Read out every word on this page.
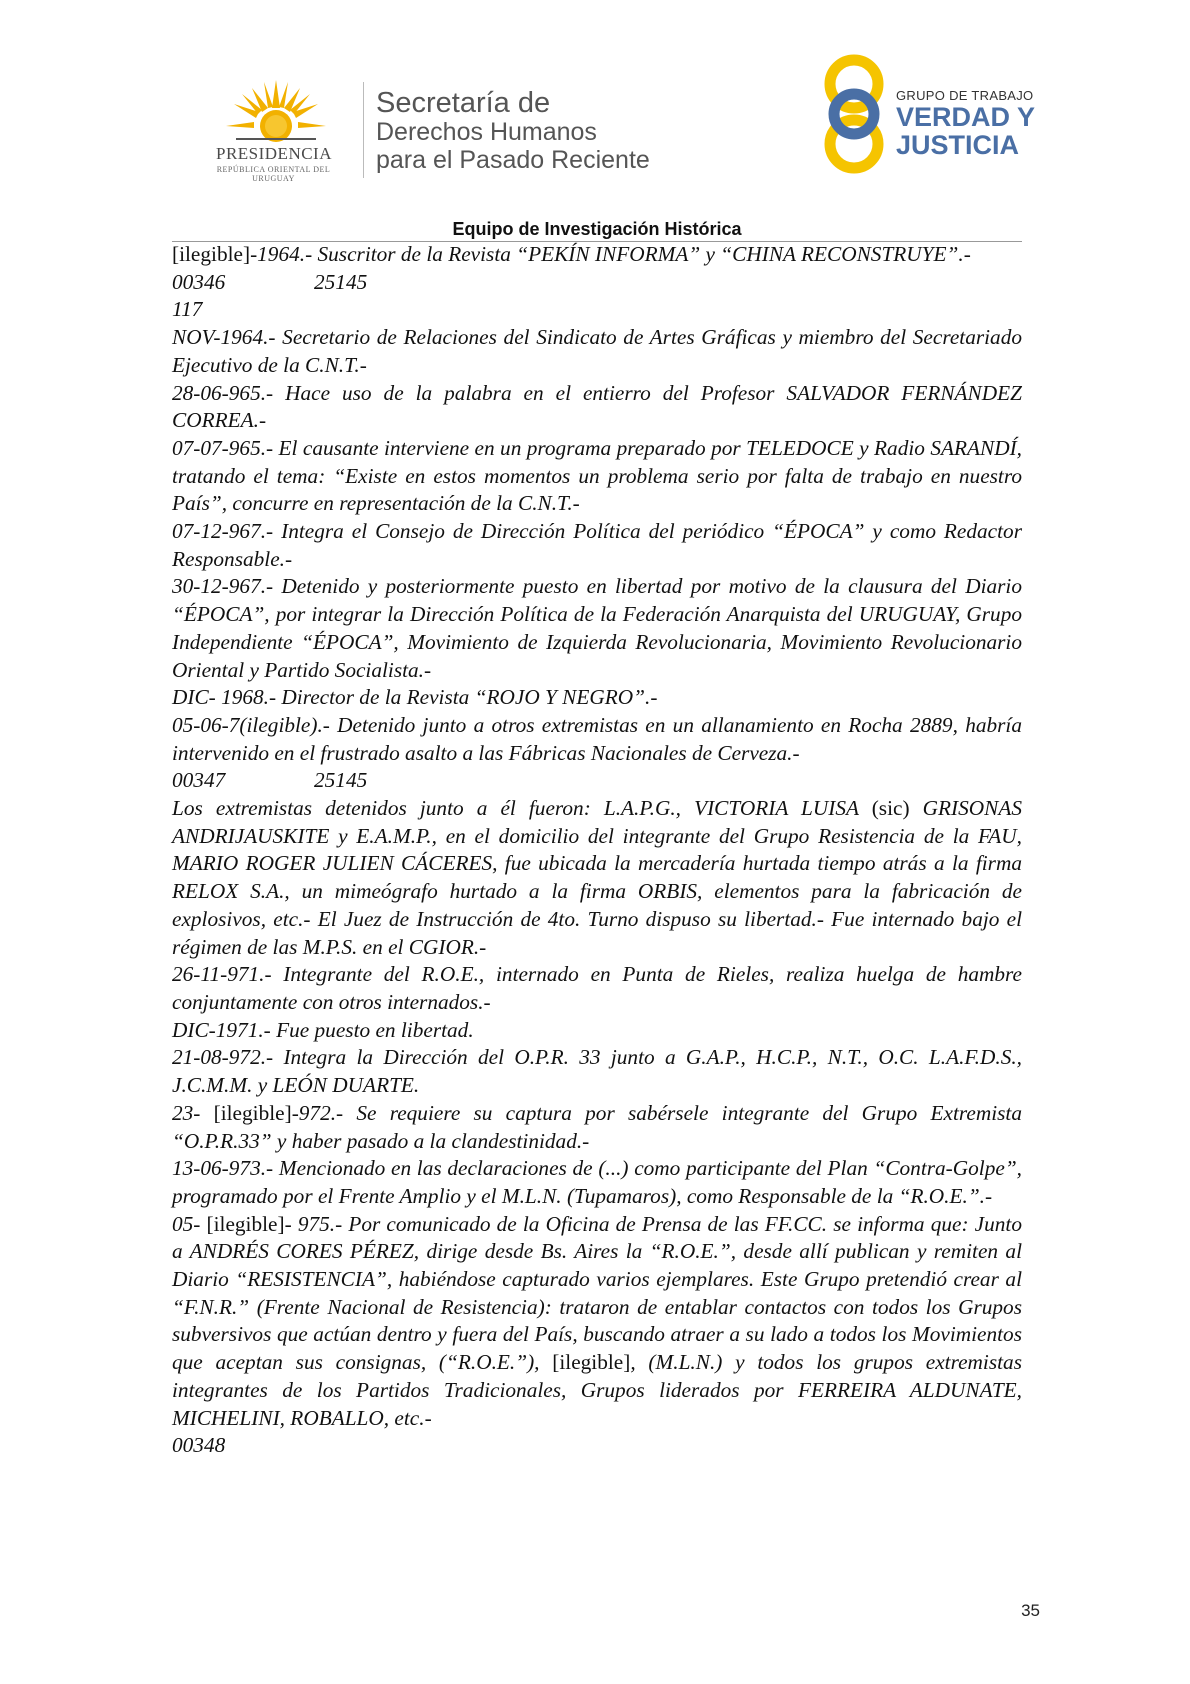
PRESIDENCIA
REPÚBLICA ORIENTAL DEL URUGUAY
Secretaría de
Derechos Humanos
para el Pasado Reciente
GRUPO DE TRABAJO
VERDAD Y
JUSTICIA
Equipo de Investigación Histórica

[ilegible]-1964.- Suscritor de la Revista “PEKÍN INFORMA” y “CHINA RECONSTRUYE”.-

00346	25145

117

NOV-1964.- Secretario de Relaciones del Sindicato de Artes Gráficas y miembro del Secretariado Ejecutivo de la C.N.T.-

28-06-965.- Hace uso de la palabra en el entierro del Profesor SALVADOR FERNÁNDEZ CORREA.-

07-07-965.- El causante interviene en un programa preparado por TELEDOCE y Radio SARANDÍ, tratando el tema: “Existe en estos momentos un problema serio por falta de trabajo en nuestro País”, concurre en representación de la C.N.T.-

07-12-967.- Integra el Consejo de Dirección Política del periódico “ÉPOCA” y como Redactor Responsable.-

30-12-967.- Detenido y posteriormente puesto en libertad por motivo de la clausura del Diario “ÉPOCA”, por integrar la Dirección Política de la Federación Anarquista del URUGUAY, Grupo Independiente “ÉPOCA”, Movimiento de Izquierda Revolucionaria, Movimiento Revolucionario Oriental y Partido Socialista.-

DIC- 1968.- Director de la Revista “ROJO Y NEGRO”.-

05-06-7(ilegible).- Detenido junto a otros extremistas en un allanamiento en Rocha 2889, habría intervenido en el frustrado asalto a las Fábricas Nacionales de Cerveza.-

00347	25145

Los extremistas detenidos junto a él fueron: L.A.P.G., VICTORIA LUISA (sic) GRISONAS ANDRIJAUSKITE y E.A.M.P., en el domicilio del integrante del Grupo Resistencia de la FAU, MARIO ROGER JULIEN CÁCERES, fue ubicada la mercadería hurtada tiempo atrás a la firma RELOX S.A., un mimeógrafo hurtado a la firma ORBIS, elementos para la fabricación de explosivos, etc.- El Juez de Instrucción de 4to. Turno dispuso su libertad.- Fue internado bajo el régimen de las M.P.S. en el CGIOR.-

26-11-971.- Integrante del R.O.E., internado en Punta de Rieles, realiza huelga de hambre conjuntamente con otros internados.-

DIC-1971.- Fue puesto en libertad.

21-08-972.- Integra la Dirección del O.P.R. 33 junto a G.A.P., H.C.P., N.T., O.C. L.A.F.D.S., J.C.M.M. y LEÓN DUARTE.

23- [ilegible]-972.- Se requiere su captura por sabérsele integrante del Grupo Extremista “O.P.R.33” y haber pasado a la clandestinidad.-

13-06-973.- Mencionado en las declaraciones de (...) como participante del Plan “Contra-Golpe”, programado por el Frente Amplio y el M.L.N. (Tupamaros), como Responsable de la “R.O.E.”.-

05- [ilegible]- 975.- Por comunicado de la Oficina de Prensa de las FF.CC. se informa que: Junto a ANDRÉS CORES PÉREZ, dirige desde Bs. Aires la “R.O.E.”, desde allí publican y remiten al Diario “RESISTENCIA”, habiéndose capturado varios ejemplares. Este Grupo pretendió crear al “F.N.R.” (Frente Nacional de Resistencia): trataron de entablar contactos con todos los Grupos subversivos que actúan dentro y fuera del País, buscando atraer a su lado a todos los Movimientos que aceptan sus consignas, (“R.O.E.”), [ilegible], (M.L.N.) y todos los grupos extremistas integrantes de los Partidos Tradicionales, Grupos liderados por FERREIRA ALDUNATE, MICHELINI, ROBALLO, etc.-

00348

35
